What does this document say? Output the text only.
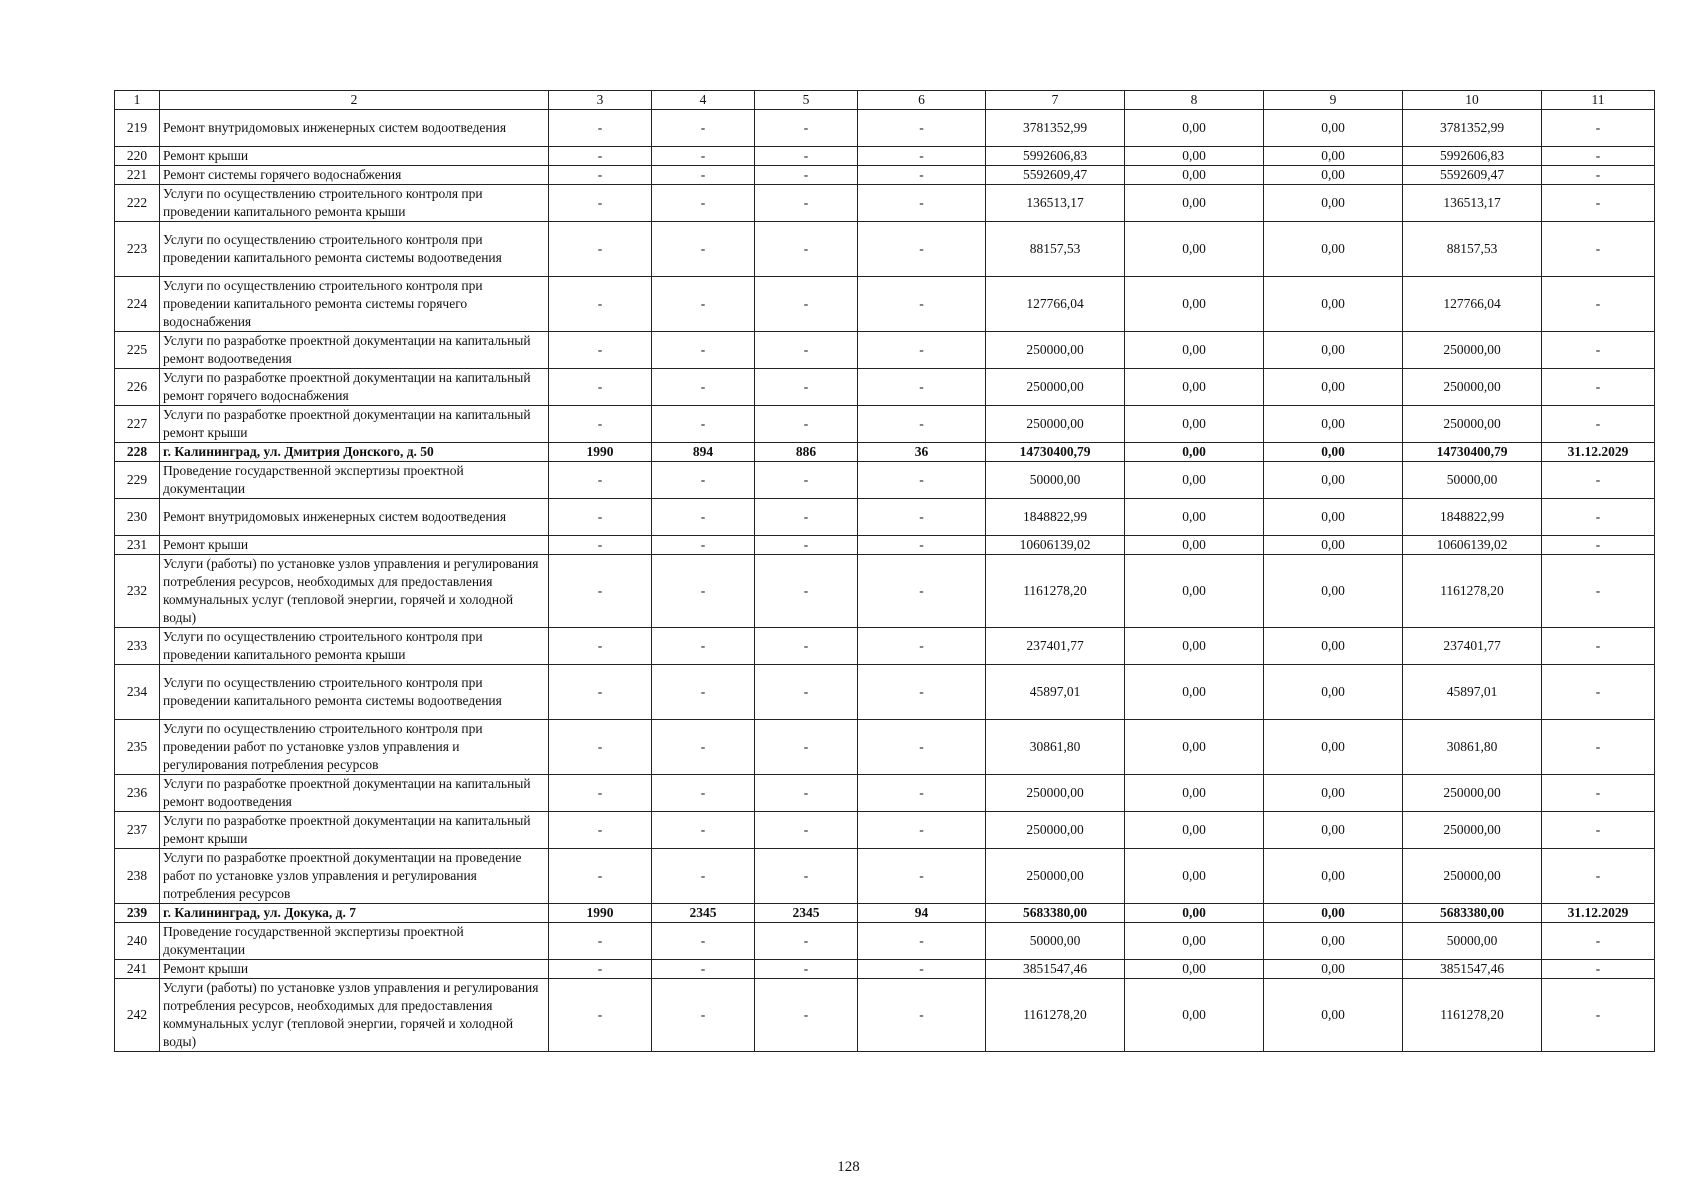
1	2	3	4	5	6	7	8	9	10	11
219	Ремонт внутридомовых инженерных систем водоотведения	-	-	-	-	3781352,99	0,00	0,00	3781352,99	-
220	Ремонт крыши	-	-	-	-	5992606,83	0,00	0,00	5992606,83	-
221	Ремонт системы горячего водоснабжения	-	-	-	-	5592609,47	0,00	0,00	5592609,47	-
222	Услуги по осуществлению строительного контроля при проведении капитального ремонта крыши	-	-	-	-	136513,17	0,00	0,00	136513,17	-
223	Услуги по осуществлению строительного контроля при проведении капитального ремонта системы водоотведения	-	-	-	-	88157,53	0,00	0,00	88157,53	-
224	Услуги по осуществлению строительного контроля при проведении капитального ремонта системы горячего водоснабжения	-	-	-	-	127766,04	0,00	0,00	127766,04	-
225	Услуги по разработке проектной документации на капитальный ремонт водоотведения	-	-	-	-	250000,00	0,00	0,00	250000,00	-
226	Услуги по разработке проектной документации на капитальный ремонт горячего водоснабжения	-	-	-	-	250000,00	0,00	0,00	250000,00	-
227	Услуги по разработке проектной документации на капитальный ремонт крыши	-	-	-	-	250000,00	0,00	0,00	250000,00	-
228	г. Калининград, ул. Дмитрия Донского, д. 50	1990	894	886	36	14730400,79	0,00	0,00	14730400,79	31.12.2029
229	Проведение государственной экспертизы проектной документации	-	-	-	-	50000,00	0,00	0,00	50000,00	-
230	Ремонт внутридомовых инженерных систем водоотведения	-	-	-	-	1848822,99	0,00	0,00	1848822,99	-
231	Ремонт крыши	-	-	-	-	10606139,02	0,00	0,00	10606139,02	-
232	Услуги (работы) по установке узлов управления и регулирования потребления ресурсов, необходимых для предоставления коммунальных услуг (тепловой энергии, горячей и холодной воды)	-	-	-	-	1161278,20	0,00	0,00	1161278,20	-
233	Услуги по осуществлению строительного контроля при проведении капитального ремонта крыши	-	-	-	-	237401,77	0,00	0,00	237401,77	-
234	Услуги по осуществлению строительного контроля при проведении капитального ремонта системы водоотведения	-	-	-	-	45897,01	0,00	0,00	45897,01	-
235	Услуги по осуществлению строительного контроля при проведении работ по установке узлов управления и регулирования потребления ресурсов	-	-	-	-	30861,80	0,00	0,00	30861,80	-
236	Услуги по разработке проектной документации на капитальный ремонт водоотведения	-	-	-	-	250000,00	0,00	0,00	250000,00	-
237	Услуги по разработке проектной документации на капитальный ремонт крыши	-	-	-	-	250000,00	0,00	0,00	250000,00	-
238	Услуги по разработке проектной документации на проведение работ по установке узлов управления и регулирования потребления ресурсов	-	-	-	-	250000,00	0,00	0,00	250000,00	-
239	г. Калининград, ул. Докука, д. 7	1990	2345	2345	94	5683380,00	0,00	0,00	5683380,00	31.12.2029
240	Проведение государственной экспертизы проектной документации	-	-	-	-	50000,00	0,00	0,00	50000,00	-
241	Ремонт крыши	-	-	-	-	3851547,46	0,00	0,00	3851547,46	-
242	Услуги (работы) по установке узлов управления и регулирования потребления ресурсов, необходимых для предоставления коммунальных услуг (тепловой энергии, горячей и холодной воды)	-	-	-	-	1161278,20	0,00	0,00	1161278,20	-
128
